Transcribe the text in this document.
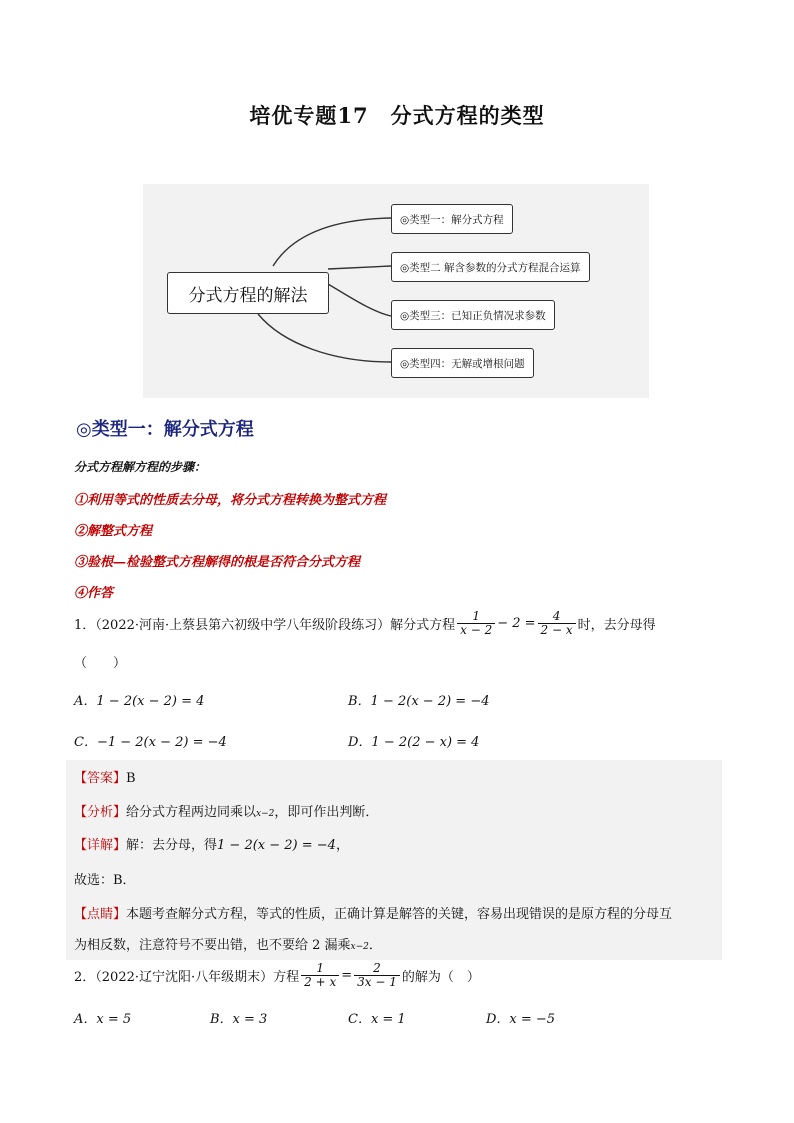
培优专题17　分式方程的类型
分式方程的解法
◎类型一：解分式方程
◎类型二 解含参数的分式方程混合运算
◎类型三：已知正负情况求参数
◎类型四：无解或增根问题
◎类型一：解分式方程
分式方程解方程的步骤：
①利用等式的性质去分母，将分式方程转换为整式方程
②解整式方程
③验根—检验整式方程解得的根是否符合分式方程
④作答
1．（2022·河南·上蔡县第六初级中学八年级阶段练习）解分式方程 $\frac{1}{x - 2} - 2 = \frac{4}{2 - x}$ 时，去分母得
（　　）
A．1 − 2(x − 2) = 4	B．1 − 2(x − 2) = −4
C．−1 − 2(x − 2) = −4	D．1 − 2(2 − x) = 4
【答案】B
【分析】给分式方程两边同乘以x−2，即可作出判断．
【详解】解：去分母，得1 − 2(x − 2) = −4，
故选：B．
【点睛】本题考查解分式方程，等式的性质，正确计算是解答的关键，容易出现错误的是原方程的分母互
为相反数，注意符号不要出错，也不要给 2 漏乘x−2．
2．（2022·辽宁沈阳·八年级期末）方程 $\frac{1}{2 + x} = \frac{2}{3x - 1}$ 的解为（　）
A．x = 5	B．x = 3	C．x = 1	D．x = −5
